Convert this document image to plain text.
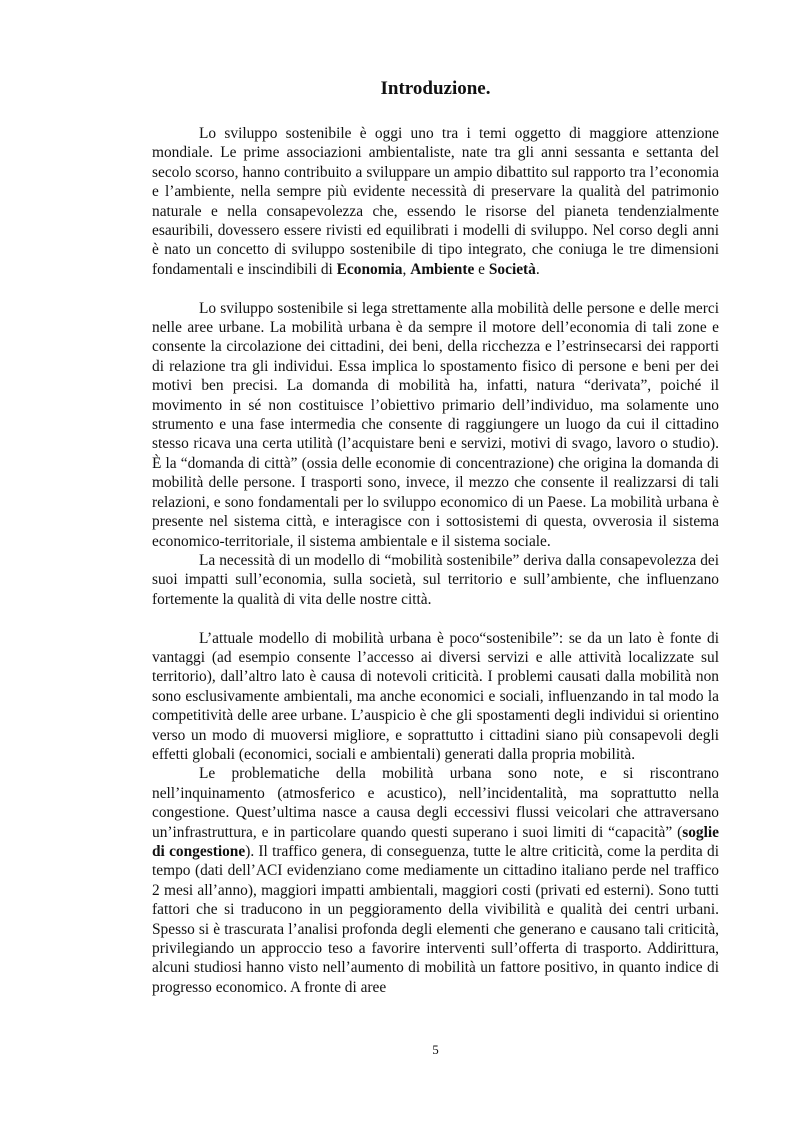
Introduzione.

Lo sviluppo sostenibile è oggi uno tra i temi oggetto di maggiore attenzione mondiale. Le prime associazioni ambientaliste, nate tra gli anni sessanta e settanta del secolo scorso, hanno contribuito a sviluppare un ampio dibattito sul rapporto tra l’economia e l’ambiente, nella sempre più evidente necessità di preservare la qualità del patrimonio naturale e nella consapevolezza che, essendo le risorse del pianeta tendenzialmente esauribili, dovessero essere rivisti ed equilibrati i modelli di sviluppo. Nel corso degli anni è nato un concetto di sviluppo sostenibile di tipo integrato, che coniuga le tre dimensioni fondamentali e inscindibili di Economia, Ambiente e Società.

Lo sviluppo sostenibile si lega strettamente alla mobilità delle persone e delle merci nelle aree urbane. La mobilità urbana è da sempre il motore dell’economia di tali zone e consente la circolazione dei cittadini, dei beni, della ricchezza e l’estrinsecarsi dei rapporti di relazione tra gli individui. Essa implica lo spostamento fisico di persone e beni per dei motivi ben precisi. La domanda di mobilità ha, infatti, natura “derivata”, poiché il movimento in sé non costituisce l’obiettivo primario dell’individuo, ma solamente uno strumento e una fase intermedia che consente di raggiungere un luogo da cui il cittadino stesso ricava una certa utilità (l’acquistare beni e servizi, motivi di svago, lavoro o studio). È la “domanda di città” (ossia delle economie di concentrazione) che origina la domanda di mobilità delle persone. I trasporti sono, invece, il mezzo che consente il realizzarsi di tali relazioni, e sono fondamentali per lo sviluppo economico di un Paese. La mobilità urbana è presente nel sistema città, e interagisce con i sottosistemi di questa, ovverosia il sistema economico-territoriale, il sistema ambientale e il sistema sociale.

La necessità di un modello di “mobilità sostenibile” deriva dalla consapevolezza dei suoi impatti sull’economia, sulla società, sul territorio e sull’ambiente, che influenzano fortemente la qualità di vita delle nostre città.

L’attuale modello di mobilità urbana è poco“sostenibile”: se da un lato è fonte di vantaggi (ad esempio consente l’accesso ai diversi servizi e alle attività localizzate sul territorio), dall’altro lato è causa di notevoli criticità. I problemi causati dalla mobilità non sono esclusivamente ambientali, ma anche economici e sociali, influenzando in tal modo la competitività delle aree urbane. L’auspicio è che gli spostamenti degli individui si orientino verso un modo di muoversi migliore, e soprattutto i cittadini siano più consapevoli degli effetti globali (economici, sociali e ambientali) generati dalla propria mobilità.

Le problematiche della mobilità urbana sono note, e si riscontrano nell’inquinamento (atmosferico e acustico), nell’incidentalità, ma soprattutto nella congestione. Quest’ultima nasce a causa degli eccessivi flussi veicolari che attraversano un’infrastruttura, e in particolare quando questi superano i suoi limiti di “capacità” (soglie di congestione). Il traffico genera, di conseguenza, tutte le altre criticità, come la perdita di tempo (dati dell’ACI evidenziano come mediamente un cittadino italiano perde nel traffico 2 mesi all’anno), maggiori impatti ambientali, maggiori costi (privati ed esterni). Sono tutti fattori che si traducono in un peggioramento della vivibilità e qualità dei centri urbani. Spesso si è trascurata l’analisi profonda degli elementi che generano e causano tali criticità, privilegiando un approccio teso a favorire interventi sull’offerta di trasporto. Addirittura, alcuni studiosi hanno visto nell’aumento di mobilità un fattore positivo, in quanto indice di progresso economico. A fronte di aree

5
